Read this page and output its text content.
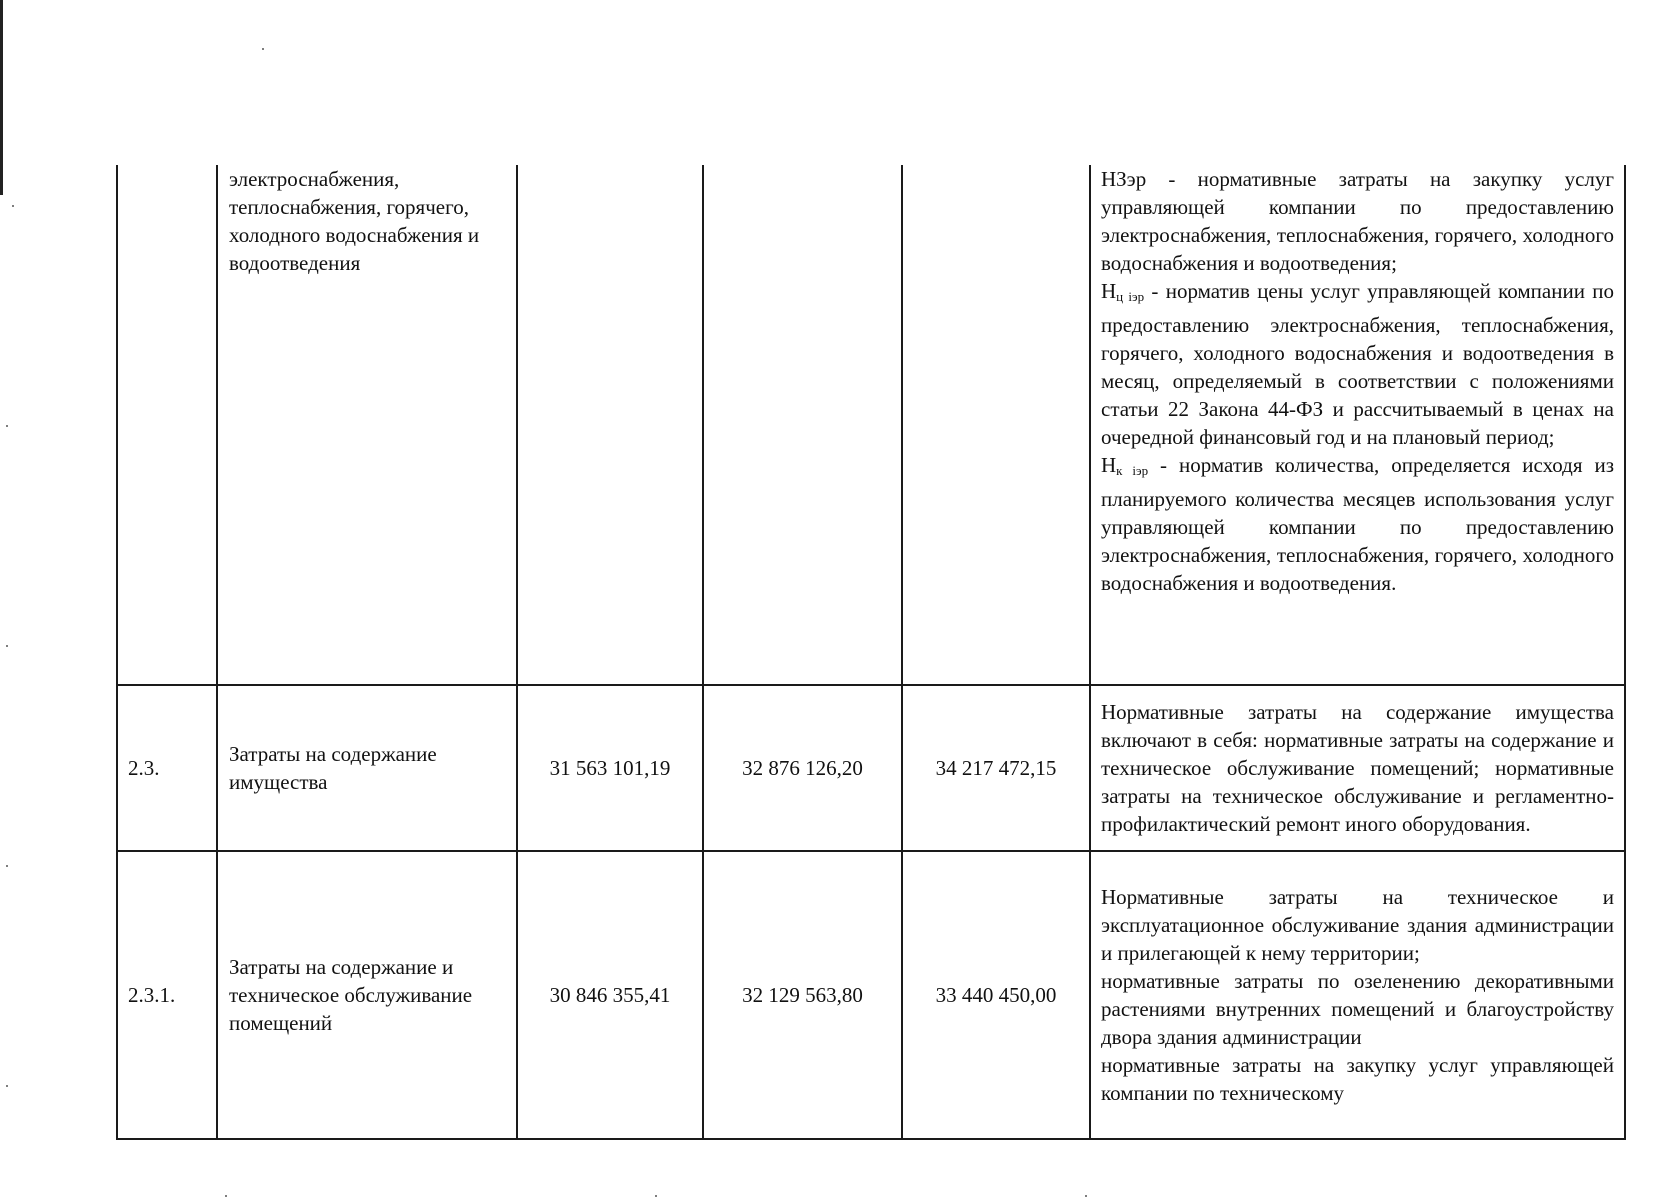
	электроснабжения, теплоснабжения, горячего, холодного водоснабжения и водоотведения				НЗэр - нормативные затраты на закупку услуг управляющей компании по предоставлению электроснабжения, теплоснабжения, горячего, холодного водоснабжения и водоотведения;
$Н_{ц iэр}$ - норматив цены услуг управляющей компании по предоставлению электроснабжения, теплоснабжения, горячего, холодного водоснабжения и водоотведения в месяц, определяемый в соответствии с положениями статьи 22 Закона 44-ФЗ и рассчитываемый в ценах на очередной финансовый год и на плановый период;
$Н_{к iэр}$ - норматив количества, определяется исходя из планируемого количества месяцев использования услуг управляющей компании по предоставлению электроснабжения, теплоснабжения, горячего, холодного водоснабжения и водоотведения.

2.3.	Затраты на содержание имущества	31 563 101,19	32 876 126,20	34 217 472,15	Нормативные затраты на содержание имущества включают в себя: нормативные затраты на содержание и техническое обслуживание помещений; нормативные затраты на техническое обслуживание и регламентно-профилактический ремонт иного оборудования.
2.3.1.	Затраты на содержание и техническое обслуживание помещений	30 846 355,41	32 129 563,80	33 440 450,00	Нормативные затраты на техническое и эксплуатационное обслуживание здания администрации и прилегающей к нему территории;
нормативные затраты по озеленению декоративными растениями внутренних помещений и благоустройству двора здания администрации
нормативные затраты на закупку услуг управляющей компании по техническому
